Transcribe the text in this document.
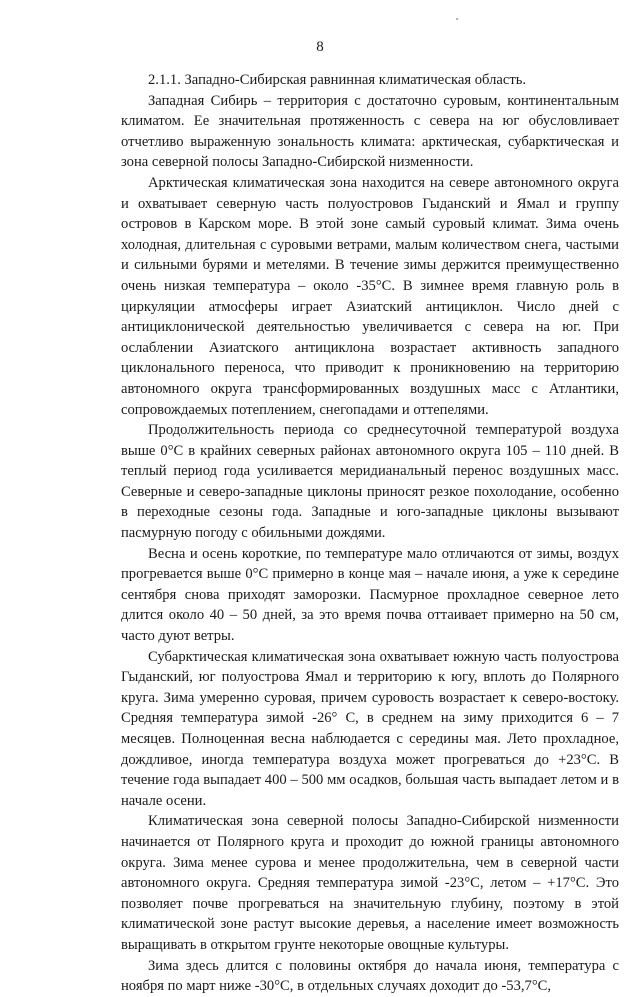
8

2.1.1. Западно-Сибирская равнинная климатическая область.

Западная Сибирь – территория с достаточно суровым, континентальным климатом. Ее значительная протяженность с севера на юг обусловливает отчетливо выраженную зональность климата: арктическая, субарктическая и зона северной полосы Западно-Сибирской низменности.

Арктическая климатическая зона находится на севере автономного округа и охватывает северную часть полуостровов Гыданский и Ямал и группу островов в Карском море. В этой зоне самый суровый климат. Зима очень холодная, длительная с суровыми ветрами, малым количеством снега, частыми и сильными бурями и метелями. В течение зимы держится преимущественно очень низкая температура – около -35°С. В зимнее время главную роль в циркуляции атмосферы играет Азиатский антициклон. Число дней с антициклонической деятельностью увеличивается с севера на юг. При ослаблении Азиатского антициклона возрастает активность западного циклонального переноса, что приводит к проникновению на территорию автономного округа трансформированных воздушных масс с Атлантики, сопровождаемых потеплением, снегопадами и оттепелями.

Продолжительность периода со среднесуточной температурой воздуха выше 0°С в крайних северных районах автономного округа 105 – 110 дней. В теплый период года усиливается меридианальный перенос воздушных масс. Северные и северо-западные циклоны приносят резкое похолодание, особенно в переходные сезоны года. Западные и юго-западные циклоны вызывают пасмурную погоду с обильными дождями.

Весна и осень короткие, по температуре мало отличаются от зимы, воздух прогревается выше 0°С примерно в конце мая – начале июня, а уже к середине сентября снова приходят заморозки. Пасмурное прохладное северное лето длится около 40 – 50 дней, за это время почва оттаивает примерно на 50 см, часто дуют ветры.

Субарктическая климатическая зона охватывает южную часть полуострова Гыданский, юг полуострова Ямал и территорию к югу, вплоть до Полярного круга. Зима умеренно суровая, причем суровость возрастает к северо-востоку. Средняя температура зимой -26° С, в среднем на зиму приходится 6 – 7 месяцев. Полноценная весна наблюдается с середины мая. Лето прохладное, дождливое, иногда температура воздуха может прогреваться до +23°С. В течение года выпадает 400 – 500 мм осадков, большая часть выпадает летом и в начале осени.

Климатическая зона северной полосы Западно-Сибирской низменности начинается от Полярного круга и проходит до южной границы автономного округа. Зима менее сурова и менее продолжительна, чем в северной части автономного округа. Средняя температура зимой -23°С, летом – +17°С. Это позволяет почве прогреваться на значительную глубину, поэтому в этой климатической зоне растут высокие деревья, а население имеет возможность выращивать в открытом грунте некоторые овощные культуры.

Зима здесь длится с половины октября до начала июня, температура с ноября по март ниже -30°С, в отдельных случаях доходит до -53,7°С,
